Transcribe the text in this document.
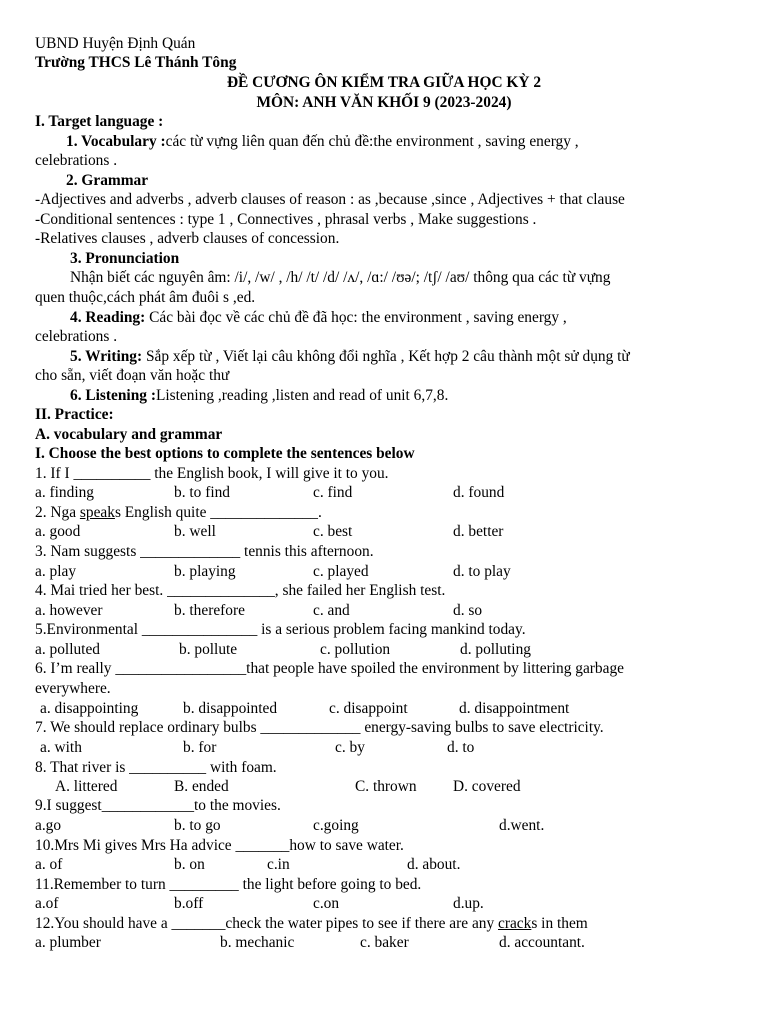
UBND Huyện Định Quán
Trường THCS Lê Thánh Tông
ĐỀ CƯƠNG ÔN KIỂM TRA GIỮA HỌC KỲ 2
MÔN: ANH VĂN KHỐI 9 (2023-2024)
I. Target language :
1. Vocabulary :các từ vựng liên quan đến chủ đề:the environment , saving energy ,
celebrations .
2. Grammar
-Adjectives and adverbs , adverb clauses of reason : as ,because ,since , Adjectives + that clause
-Conditional sentences : type 1 , Connectives , phrasal verbs , Make suggestions .
-Relatives clauses , adverb clauses of concession.
3. Pronunciation
Nhận biết các nguyên âm: /i/, /w/ , /h/ /t/ /d/ /ʌ/, /ɑ:/ /ʊə/; /tʃ/ /aʊ/ thông qua các từ vựng
quen thuộc,cách phát âm đuôi s ,ed.
4. Reading: Các bài đọc về các chủ đề đã học: the environment , saving energy ,
celebrations .
5. Writing: Sắp xếp từ , Viết lại câu không đổi nghĩa , Kết hợp 2 câu thành một sử dụng từ
cho sẵn, viết đoạn văn hoặc thư
6. Listening :Listening ,reading ,listen and read of unit 6,7,8.
II. Practice:
A. vocabulary and grammar
I. Choose the best options to complete the sentences below
1. If I __________ the English book, I will give it to you.
a. finding	b. to find	c. find	d. found
2. Nga speaks English quite ______________.
a. good	b. well	c. best	d. better
3. Nam suggests _____________ tennis this afternoon.
a. play	b. playing	c. played	d. to play
4. Mai tried her best. ______________, she failed her English test.
a. however	b. therefore	c. and	d. so
5.Environmental _______________ is a serious problem facing mankind today.
a. polluted	b. pollute	c. pollution	d. polluting
6. I’m really _________________that people have spoiled the environment by littering garbage
everywhere.
a. disappointing	b. disappointed	c. disappoint	d. disappointment
7. We should replace ordinary bulbs _____________ energy-saving bulbs to save electricity.
a. with	b. for	c. by	d. to
8. That river is __________ with foam.
A. littered	B. ended	C. thrown D. covered
9.I suggest____________to the movies.
a.go	b. to go	c.going	d.went.
10.Mrs Mi gives Mrs Ha advice _______how to save water.
a. of	b. on	c.in	d. about.
11.Remember to turn _________ the light before going to bed.
a.of	b.off	c.on	d.up.
12.You should have a _______check the water pipes to see if there are any cracks in them
a. plumber	b. mechanic	c. baker	d. accountant.
